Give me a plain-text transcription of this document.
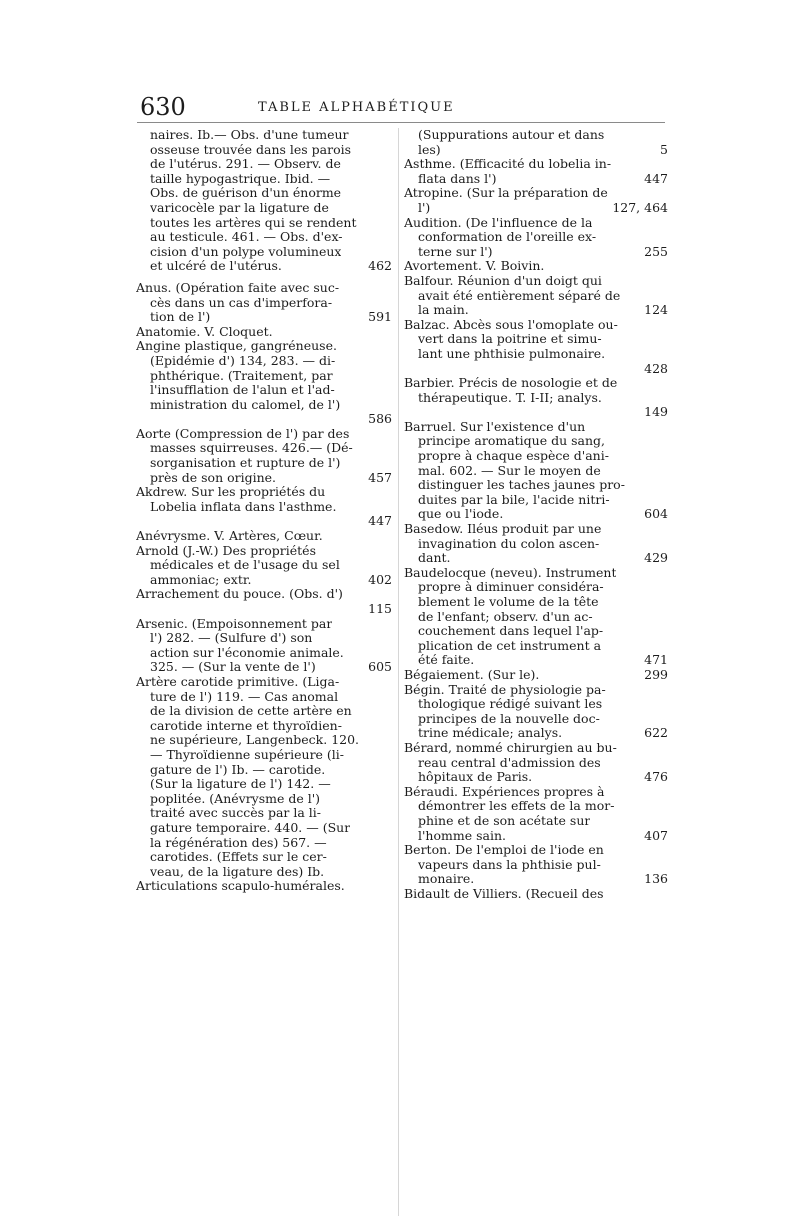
630	TABLE ALPHABÉTIQUE
naires. Ib.— Obs. d'une tumeur
osseuse trouvée dans les parois
de l'utérus. 291. — Observ. de
taille hypogastrique. Ibid. —
Obs. de guérison d'un énorme
varicocèle par la ligature de
toutes les artères qui se rendent
au testicule. 461. — Obs. d'ex-
cision d'un polype volumineux
et ulcéré de l'utérus.	462
Anus. (Opération faite avec suc-
cès dans un cas d'imperfora-
tion de l')	591
Anatomie. V. Cloquet.
Angine plastique, gangréneuse.
(Epidémie d') 134, 283. — di-
phthérique. (Traitement, par
l'insufflation de l'alun et l'ad-
ministration du calomel, de l')
586
Aorte (Compression de l') par des
masses squirreuses. 426.— (Dé-
sorganisation et rupture de l')
près de son origine.	457
Akdrew. Sur les propriétés du
Lobelia inflata dans l'asthme.
447
Anévrysme. V. Artères, Cœur.
Arnold (J.-W.) Des propriétés
médicales et de l'usage du sel
ammoniac; extr.	402
Arrachement du pouce. (Obs. d')
115
Arsenic. (Empoisonnement par
l') 282. — (Sulfure d') son
action sur l'économie animale.
325. — (Sur la vente de l')	605
Artère carotide primitive. (Liga-
ture de l') 119. — Cas anomal
de la division de cette artère en
carotide interne et thyroïdien-
ne supérieure, Langenbeck. 120.
— Thyroïdienne supérieure (li-
gature de l') Ib. — carotide.
(Sur la ligature de l') 142. —
poplitée. (Anévrysme de l')
traité avec succès par la li-
gature temporaire. 440. — (Sur
la régénération des) 567. —
carotides. (Effets sur le cer-
veau, de la ligature des) Ib.
Articulations scapulo-humérales.
(Suppurations autour et dans
les)	5
Asthme. (Efficacité du lobelia in-
flata dans l')	447
Atropine. (Sur la préparation de
l')	127, 464
Audition. (De l'influence de la
conformation de l'oreille ex-
terne sur l')	255
Avortement. V. Boivin.
Balfour. Réunion d'un doigt qui
avait été entièrement séparé de
la main.	124
Balzac. Abcès sous l'omoplate ou-
vert dans la poitrine et simu-
lant une phthisie pulmonaire.
428
Barbier. Précis de nosologie et de
thérapeutique. T. I-II; analys.
149
Barruel. Sur l'existence d'un
principe aromatique du sang,
propre à chaque espèce d'ani-
mal. 602. — Sur le moyen de
distinguer les taches jaunes pro-
duites par la bile, l'acide nitri-
que ou l'iode.	604
Basedow. Iléus produit par une
invagination du colon ascen-
dant.	429
Baudelocque (neveu). Instrument
propre à diminuer considéra-
blement le volume de la tête
de l'enfant; observ. d'un ac-
couchement dans lequel l'ap-
plication de cet instrument a
été faite.	471
Bégaiement. (Sur le).	299
Bégin. Traité de physiologie pa-
thologique rédigé suivant les
principes de la nouvelle doc-
trine médicale; analys.	622
Bérard, nommé chirurgien au bu-
reau central d'admission des
hôpitaux de Paris.	476
Béraudi. Expériences propres à
démontrer les effets de la mor-
phine et de son acétate sur
l'homme sain.	407
Berton. De l'emploi de l'iode en
vapeurs dans la phthisie pul-
monaire.	136
Bidault de Villiers. (Recueil des
